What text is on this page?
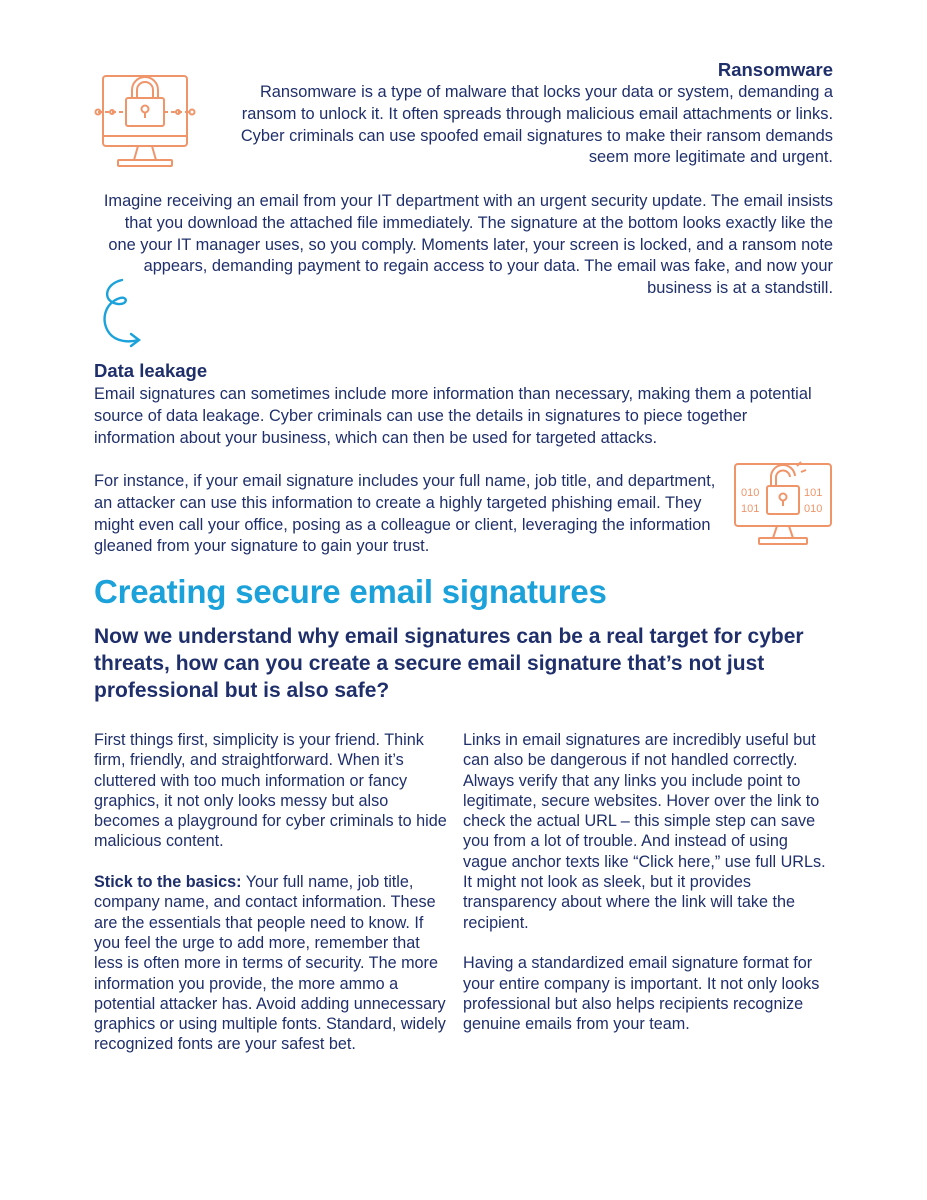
Ransomware

Ransomware is a type of malware that locks your data or system, demanding a ransom to unlock it. It often spreads through malicious email attachments or links. Cyber criminals can use spoofed email signatures to make their ransom demands seem more legitimate and urgent.

Imagine receiving an email from your IT department with an urgent security update. The email insists that you download the attached file immediately. The signature at the bottom looks exactly like the one your IT manager uses, so you comply. Moments later, your screen is locked, and a ransom note appears, demanding payment to regain access to your data. The email was fake, and now your business is at a standstill.

Data leakage

Email signatures can sometimes include more information than necessary, making them a potential source of data leakage. Cyber criminals can use the details in signatures to piece together information about your business, which can then be used for targeted attacks.

For instance, if your email signature includes your full name, job title, and department, an attacker can use this information to create a highly targeted phishing email. They might even call your office, posing as a colleague or client, leveraging the information gleaned from your signature to gain your trust.

010
101
101
010
Creating secure email signatures
Now we understand why email signatures can be a real target for cyber threats, how can you create a secure email signature that’s not just professional but is also safe?

First things first, simplicity is your friend. Think firm, friendly, and straightforward. When it’s cluttered with too much information or fancy graphics, it not only looks messy but also becomes a playground for cyber criminals to hide malicious content.

Stick to the basics: Your full name, job title, company name, and contact information. These are the essentials that people need to know. If you feel the urge to add more, remember that less is often more in terms of security. The more information you provide, the more ammo a potential attacker has. Avoid adding unnecessary graphics or using multiple fonts. Standard, widely recognized fonts are your safest bet.

Links in email signatures are incredibly useful but can also be dangerous if not handled correctly. Always verify that any links you include point to legitimate, secure websites. Hover over the link to check the actual URL – this simple step can save you from a lot of trouble. And instead of using vague anchor texts like “Click here,” use full URLs. It might not look as sleek, but it provides transparency about where the link will take the recipient.

Having a standardized email signature format for your entire company is important. It not only looks professional but also helps recipients recognize genuine emails from your team.
